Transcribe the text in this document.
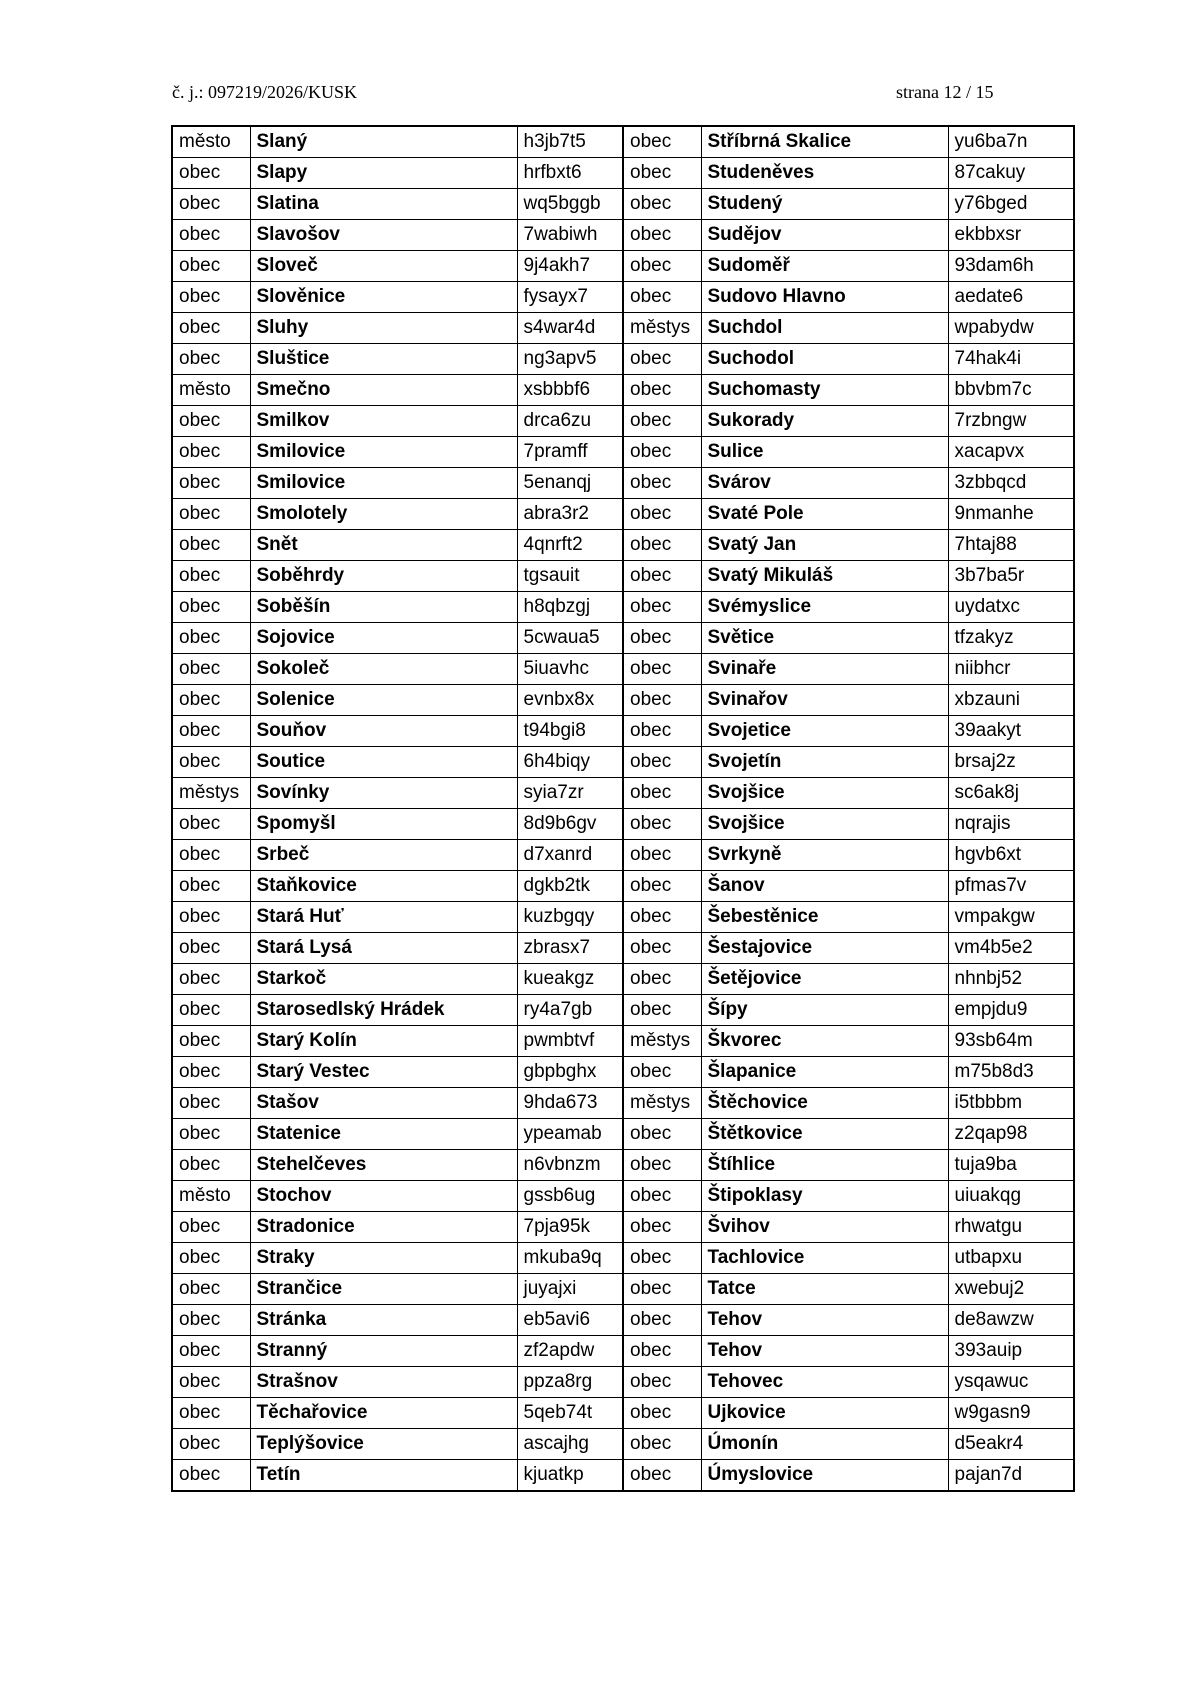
č. j.: 097219/2026/KUSK	strana 12 / 15
město	Slaný	h3jb7t5	obec	Stříbrná Skalice	yu6ba7n
obec	Slapy	hrfbxt6	obec	Studeněves	87cakuy
obec	Slatina	wq5bggb	obec	Studený	y76bged
obec	Slavošov	7wabiwh	obec	Sudějov	ekbbxsr
obec	Sloveč	9j4akh7	obec	Sudoměř	93dam6h
obec	Slověnice	fysayx7	obec	Sudovo Hlavno	aedate6
obec	Sluhy	s4war4d	městys	Suchdol	wpabydw
obec	Sluštice	ng3apv5	obec	Suchodol	74hak4i
město	Smečno	xsbbbf6	obec	Suchomasty	bbvbm7c
obec	Smilkov	drca6zu	obec	Sukorady	7rzbngw
obec	Smilovice	7pramff	obec	Sulice	xacapvx
obec	Smilovice	5enanqj	obec	Svárov	3zbbqcd
obec	Smolotely	abra3r2	obec	Svaté Pole	9nmanhe
obec	Snět	4qnrft2	obec	Svatý Jan	7htaj88
obec	Soběhrdy	tgsauit	obec	Svatý Mikuláš	3b7ba5r
obec	Soběšín	h8qbzgj	obec	Svémyslice	uydatxc
obec	Sojovice	5cwaua5	obec	Světice	tfzakyz
obec	Sokoleč	5iuavhc	obec	Svinaře	niibhcr
obec	Solenice	evnbx8x	obec	Svinařov	xbzauni
obec	Souňov	t94bgi8	obec	Svojetice	39aakyt
obec	Soutice	6h4biqy	obec	Svojetín	brsaj2z
městys	Sovínky	syia7zr	obec	Svojšice	sc6ak8j
obec	Spomyšl	8d9b6gv	obec	Svojšice	nqrajis
obec	Srbeč	d7xanrd	obec	Svrkyně	hgvb6xt
obec	Staňkovice	dgkb2tk	obec	Šanov	pfmas7v
obec	Stará Huť	kuzbgqy	obec	Šebestěnice	vmpakgw
obec	Stará Lysá	zbrasx7	obec	Šestajovice	vm4b5e2
obec	Starkoč	kueakgz	obec	Šetějovice	nhnbj52
obec	Starosedlský Hrádek	ry4a7gb	obec	Šípy	empjdu9
obec	Starý Kolín	pwmbtvf	městys	Škvorec	93sb64m
obec	Starý Vestec	gbpbghx	obec	Šlapanice	m75b8d3
obec	Stašov	9hda673	městys	Štěchovice	i5tbbbm
obec	Statenice	ypeamab	obec	Štětkovice	z2qap98
obec	Stehelčeves	n6vbnzm	obec	Štíhlice	tuja9ba
město	Stochov	gssb6ug	obec	Štipoklasy	uiuakqg
obec	Stradonice	7pja95k	obec	Švihov	rhwatgu
obec	Straky	mkuba9q	obec	Tachlovice	utbapxu
obec	Strančice	juyajxi	obec	Tatce	xwebuj2
obec	Stránka	eb5avi6	obec	Tehov	de8awzw
obec	Stranný	zf2apdw	obec	Tehov	393auip
obec	Strašnov	ppza8rg	obec	Tehovec	ysqawuc
obec	Těchařovice	5qeb74t	obec	Ujkovice	w9gasn9
obec	Teplýšovice	ascajhg	obec	Úmonín	d5eakr4
obec	Tetín	kjuatkp	obec	Úmyslovice	pajan7d
